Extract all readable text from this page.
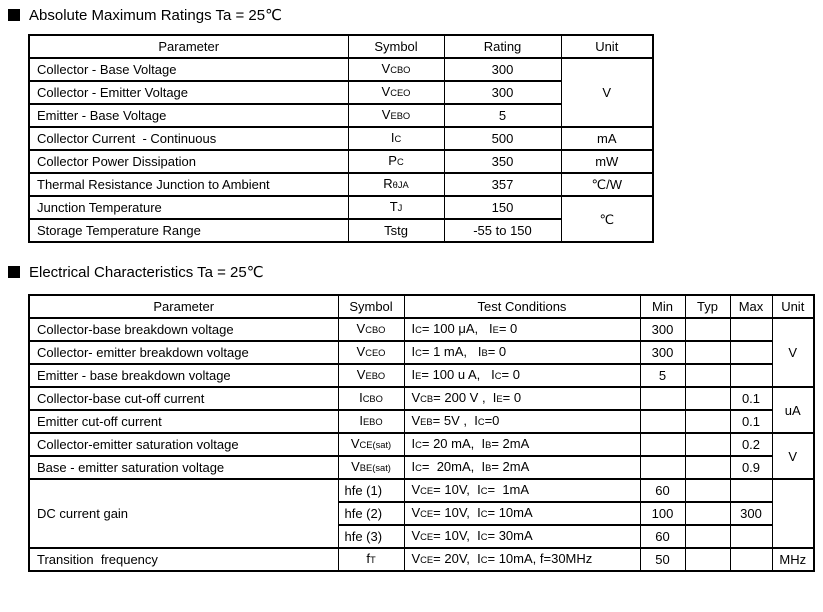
Absolute Maximum Ratings Ta = 25℃
Parameter	Symbol	Rating	Unit
Collector - Base Voltage	VCBO	300	V
Collector - Emitter Voltage	VCEO	300	
Emitter - Base Voltage	VEBO	5	
Collector Current  - Continuous	IC	500	mA
Collector Power Dissipation	PC	350	mW
Thermal Resistance Junction to Ambient	RθJA	357	℃/W
Junction Temperature	TJ	150	℃
Storage Temperature Range	Tstg	-55 to 150	
Electrical Characteristics Ta = 25℃
Parameter	Symbol	Test Conditions	Min	Typ	Max	Unit
Collector-base breakdown voltage	VCBO	IC= 100 μA,   IE= 0	300			V
Collector- emitter breakdown voltage	VCEO	IC= 1 mA,   IB= 0	300			
Emitter - base breakdown voltage	VEBO	IE= 100 u A,   IC= 0	5			
Collector-base cut-off current	ICBO	VCB= 200 V ,  IE= 0			0.1	uA
Emitter cut-off current	IEBO	VEB= 5V ,  IC=0			0.1	
Collector-emitter saturation voltage	VCE(sat)	IC= 20 mA,  IB= 2mA			0.2	V
Base - emitter saturation voltage	VBE(sat)	IC=  20mA,  IB= 2mA			0.9	
DC current gain	hfe (1)	VCE= 10V,  IC=  1mA	60			
	hfe (2)	VCE= 10V,  IC= 10mA	100		300	
	hfe (3)	VCE= 10V,  IC= 30mA	60			
Transition  frequency	fT	VCE= 20V,  IC= 10mA, f=30MHz	50			MHz
